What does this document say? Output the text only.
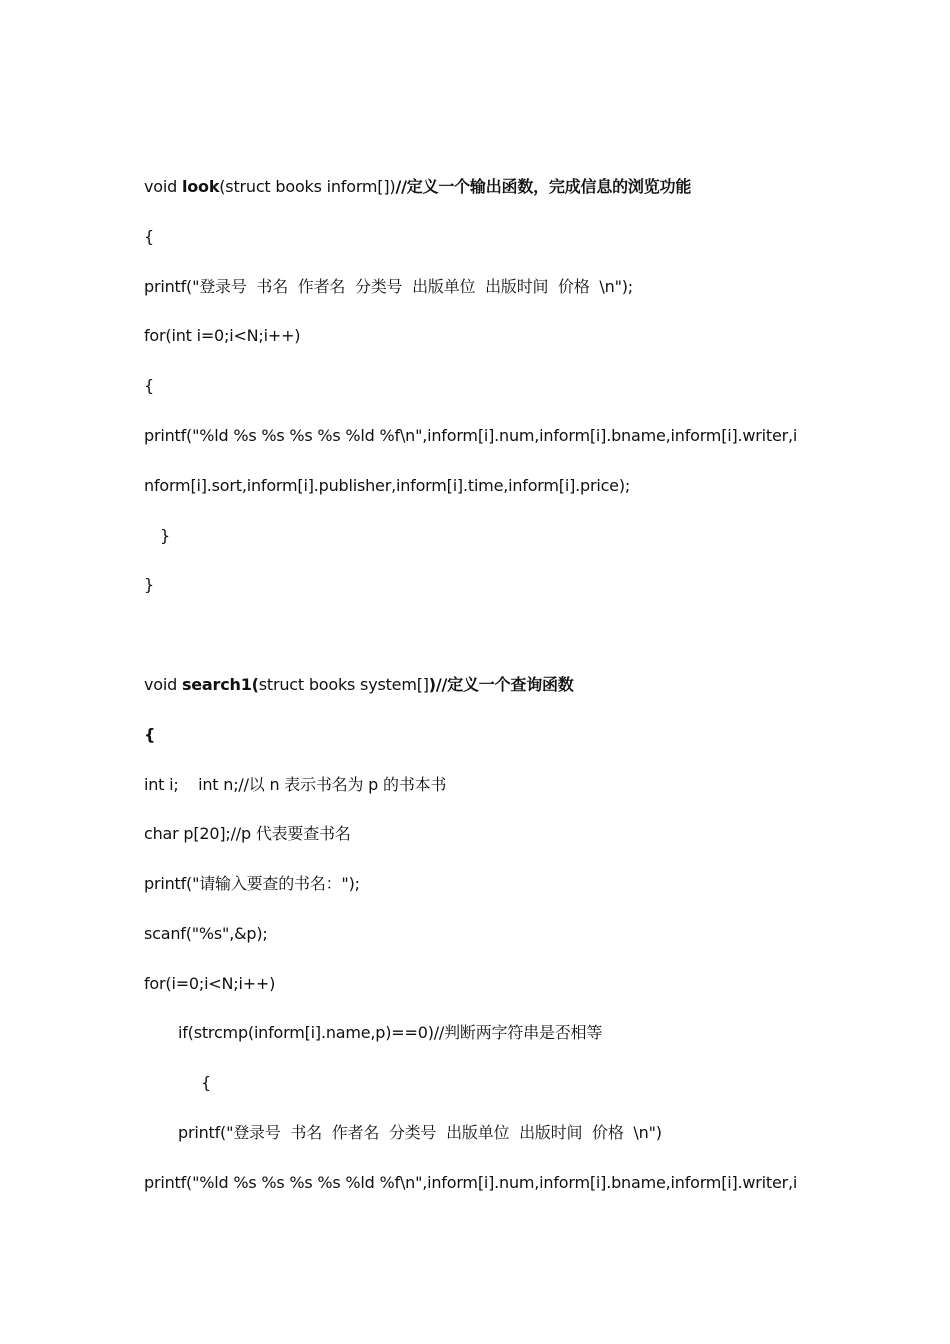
void look(struct books inform[])//定义一个输出函数，完成信息的浏览功能
{
printf("登录号  书名  作者名  分类号  出版单位  出版时间  价格  \n");
for(int i=0;i<N;i++)
{
printf("%ld %s %s %s %s %ld %f\n",inform[i].num,inform[i].bname,inform[i].writer,i
nform[i].sort,inform[i].publisher,inform[i].time,inform[i].price);
}
}
void search1(struct books system[])//定义一个查询函数
{
int i;    int n;//以 n 表示书名为 p 的书本书
char p[20];//p 代表要查书名
printf("请输入要查的书名：");
scanf("%s",&p);
for(i=0;i<N;i++)
if(strcmp(inform[i].name,p)==0)//判断两字符串是否相等
{
printf("登录号  书名  作者名  分类号  出版单位  出版时间  价格  \n")
printf("%ld %s %s %s %s %ld %f\n",inform[i].num,inform[i].bname,inform[i].writer,i
